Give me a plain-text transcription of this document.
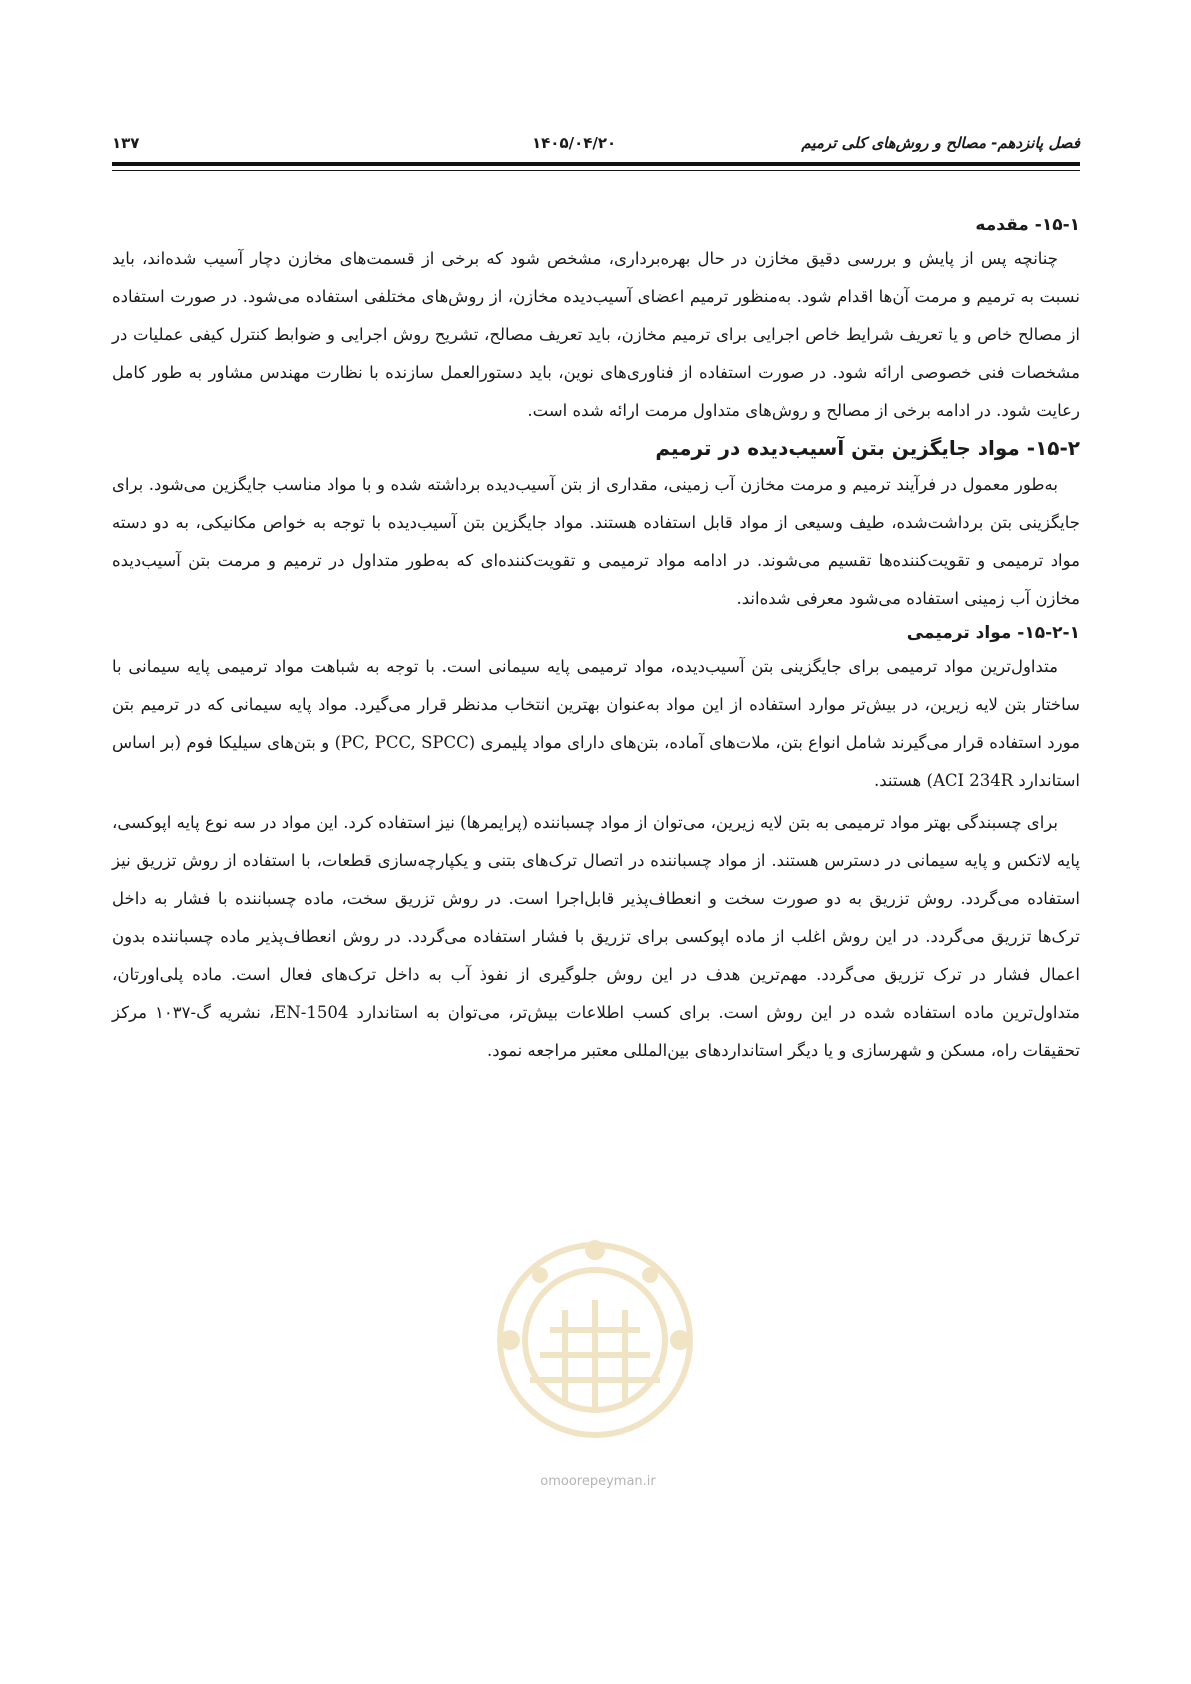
فصل پانزدهم- مصالح و روش‌های کلی ترمیم
۱۴۰۵/۰۴/۲۰
۱۳۷
۱۵-۱- مقدمه

چنانچه پس از پایش و بررسی دقیق مخازن در حال بهره‌برداری، مشخص شود که برخی از قسمت‌های مخازن دچار آسیب شده‌اند، باید نسبت به ترمیم و مرمت آن‌ها اقدام شود. به‌منظور ترمیم اعضای آسیب‌دیده مخازن، از روش‌های مختلفی استفاده می‌شود. در صورت استفاده از مصالح خاص و یا تعریف شرایط خاص اجرایی برای ترمیم مخازن، باید تعریف مصالح، تشریح روش اجرایی و ضوابط کنترل کیفی عملیات در مشخصات فنی خصوصی ارائه شود. در صورت استفاده از فناوری‌های نوین، باید دستورالعمل سازنده با نظارت مهندس مشاور به طور کامل رعایت شود. در ادامه برخی از مصالح و روش‌های متداول مرمت ارائه شده است.

۱۵-۲- مواد جایگزین بتن آسیب‌دیده در ترمیم

به‌طور معمول در فرآیند ترمیم و مرمت مخازن آب زمینی، مقداری از بتن آسیب‌دیده برداشته شده و با مواد مناسب جایگزین می‌شود. برای جایگزینی بتن برداشت‌شده، طیف وسیعی از مواد قابل استفاده هستند. مواد جایگزین بتن آسیب‌دیده با توجه به خواص مکانیکی، به دو دسته مواد ترمیمی و تقویت‌کننده‌ها تقسیم می‌شوند. در ادامه مواد ترمیمی و تقویت‌کننده‌ای که به‌طور متداول در ترمیم و مرمت بتن آسیب‌دیده مخازن آب زمینی استفاده می‌شود معرفی شده‌اند.

۱۵-۲-۱- مواد ترمیمی

متداول‌ترین مواد ترمیمی برای جایگزینی بتن آسیب‌دیده، مواد ترمیمی پایه سیمانی است. با توجه به شباهت مواد ترمیمی پایه سیمانی با ساختار بتن لایه زیرین، در بیش‌تر موارد استفاده از این مواد به‌عنوان بهترین انتخاب مدنظر قرار می‌گیرد. مواد پایه سیمانی که در ترمیم بتن مورد استفاده قرار می‌گیرند شامل انواع بتن، ملات‌های آماده، بتن‌های دارای مواد پلیمری (PC, PCC, SPCC) و بتن‌های سیلیکا فوم (بر اساس استاندارد ACI 234R) هستند.

برای چسبندگی بهتر مواد ترمیمی به بتن لایه زیرین، می‌توان از مواد چسباننده (پرایمرها) نیز استفاده کرد. این مواد در سه نوع پایه اپوکسی، پایه لاتکس و پایه سیمانی در دسترس هستند. از مواد چسباننده در اتصال ترک‌های بتنی و یکپارچه‌سازی قطعات، با استفاده از روش تزریق نیز استفاده می‌گردد. روش تزریق به دو صورت سخت و انعطاف‌پذیر قابل‌اجرا است. در روش تزریق سخت، ماده چسباننده با فشار به داخل ترک‌ها تزریق می‌گردد. در این روش اغلب از ماده اپوکسی برای تزریق با فشار استفاده می‌گردد. در روش انعطاف‌پذیر ماده چسباننده بدون اعمال فشار در ترک تزریق می‌گردد. مهم‌ترین هدف در این روش جلوگیری از نفوذ آب به داخل ترک‌های فعال است. ماده پلی‌اورتان، متداول‌ترین ماده استفاده شده در این روش است. برای کسب اطلاعات بیش‌تر، می‌توان به استاندارد EN-1504، نشریه گ-۱۰۳۷ مرکز تحقیقات راه، مسکن و شهرسازی و یا دیگر استانداردهای بین‌المللی معتبر مراجعه نمود.

omoorepeyman.ir
